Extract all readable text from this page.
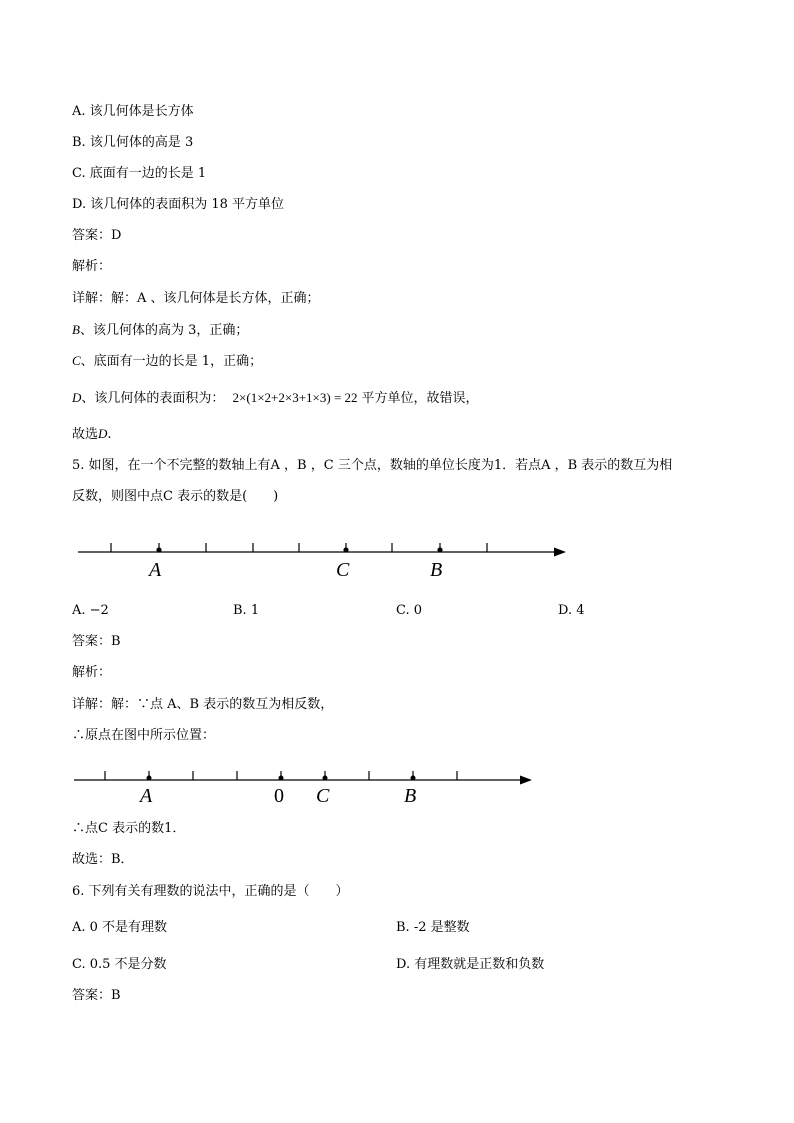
A. 该几何体是长方体
B. 该几何体的高是 3
C. 底面有一边的长是 1
D. 该几何体的表面积为 18 平方单位
答案：D
解析：
详解：解：A 、该几何体是长方体，正确；
B、该几何体的高为 3，正确；
C、底面有一边的长是 1，正确；
D、该几何体的表面积为： 2×(1×2+2×3+1×3) = 22 平方单位，故错误，
故选D.
5. 如图，在一个不完整的数轴上有A ，B ，C 三个点，数轴的单位长度为1．若点A ，B 表示的数互为相
反数，则图中点C 表示的数是(　　)
A	C	B
A. −2	B. 1	C. 0	D. 4
答案：B
解析：
详解：解：∵点 A、B 表示的数互为相反数，
∴原点在图中所示位置：
A	0 C	B
∴点C 表示的数1．
故选：B．
6. 下列有关有理数的说法中，正确的是（　　）
A. 0 不是有理数	B. -2 是整数
C. 0.5 不是分数	D. 有理数就是正数和负数
答案：B
